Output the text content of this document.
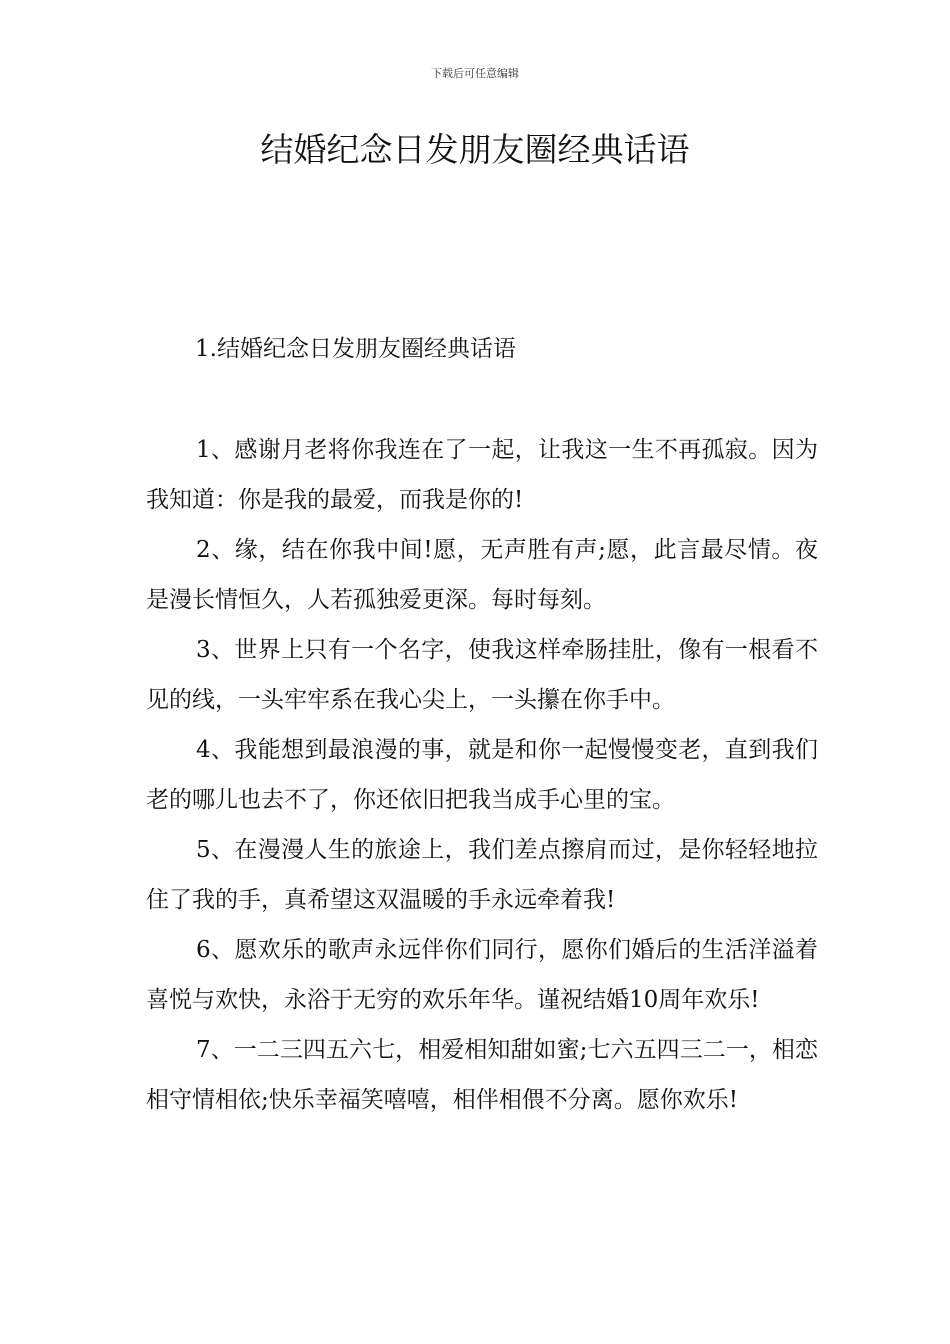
下载后可任意编辑
结婚纪念日发朋友圈经典话语
1.结婚纪念日发朋友圈经典话语

1、感谢月老将你我连在了一起，让我这一生不再孤寂。因为我知道：你是我的最爱，而我是你的!

2、缘，结在你我中间!愿，无声胜有声;愿，此言最尽情。夜是漫长情恒久，人若孤独爱更深。每时每刻。

3、世界上只有一个名字，使我这样牵肠挂肚，像有一根看不见的线，一头牢牢系在我心尖上，一头攥在你手中。

4、我能想到最浪漫的事，就是和你一起慢慢变老，直到我们老的哪儿也去不了，你还依旧把我当成手心里的宝。

5、在漫漫人生的旅途上，我们差点擦肩而过，是你轻轻地拉住了我的手，真希望这双温暖的手永远牵着我!

6、愿欢乐的歌声永远伴你们同行，愿你们婚后的生活洋溢着喜悦与欢快，永浴于无穷的欢乐年华。谨祝结婚10周年欢乐!

7、一二三四五六七，相爱相知甜如蜜;七六五四三二一，相恋相守情相依;快乐幸福笑嘻嘻，相伴相偎不分离。愿你欢乐!
